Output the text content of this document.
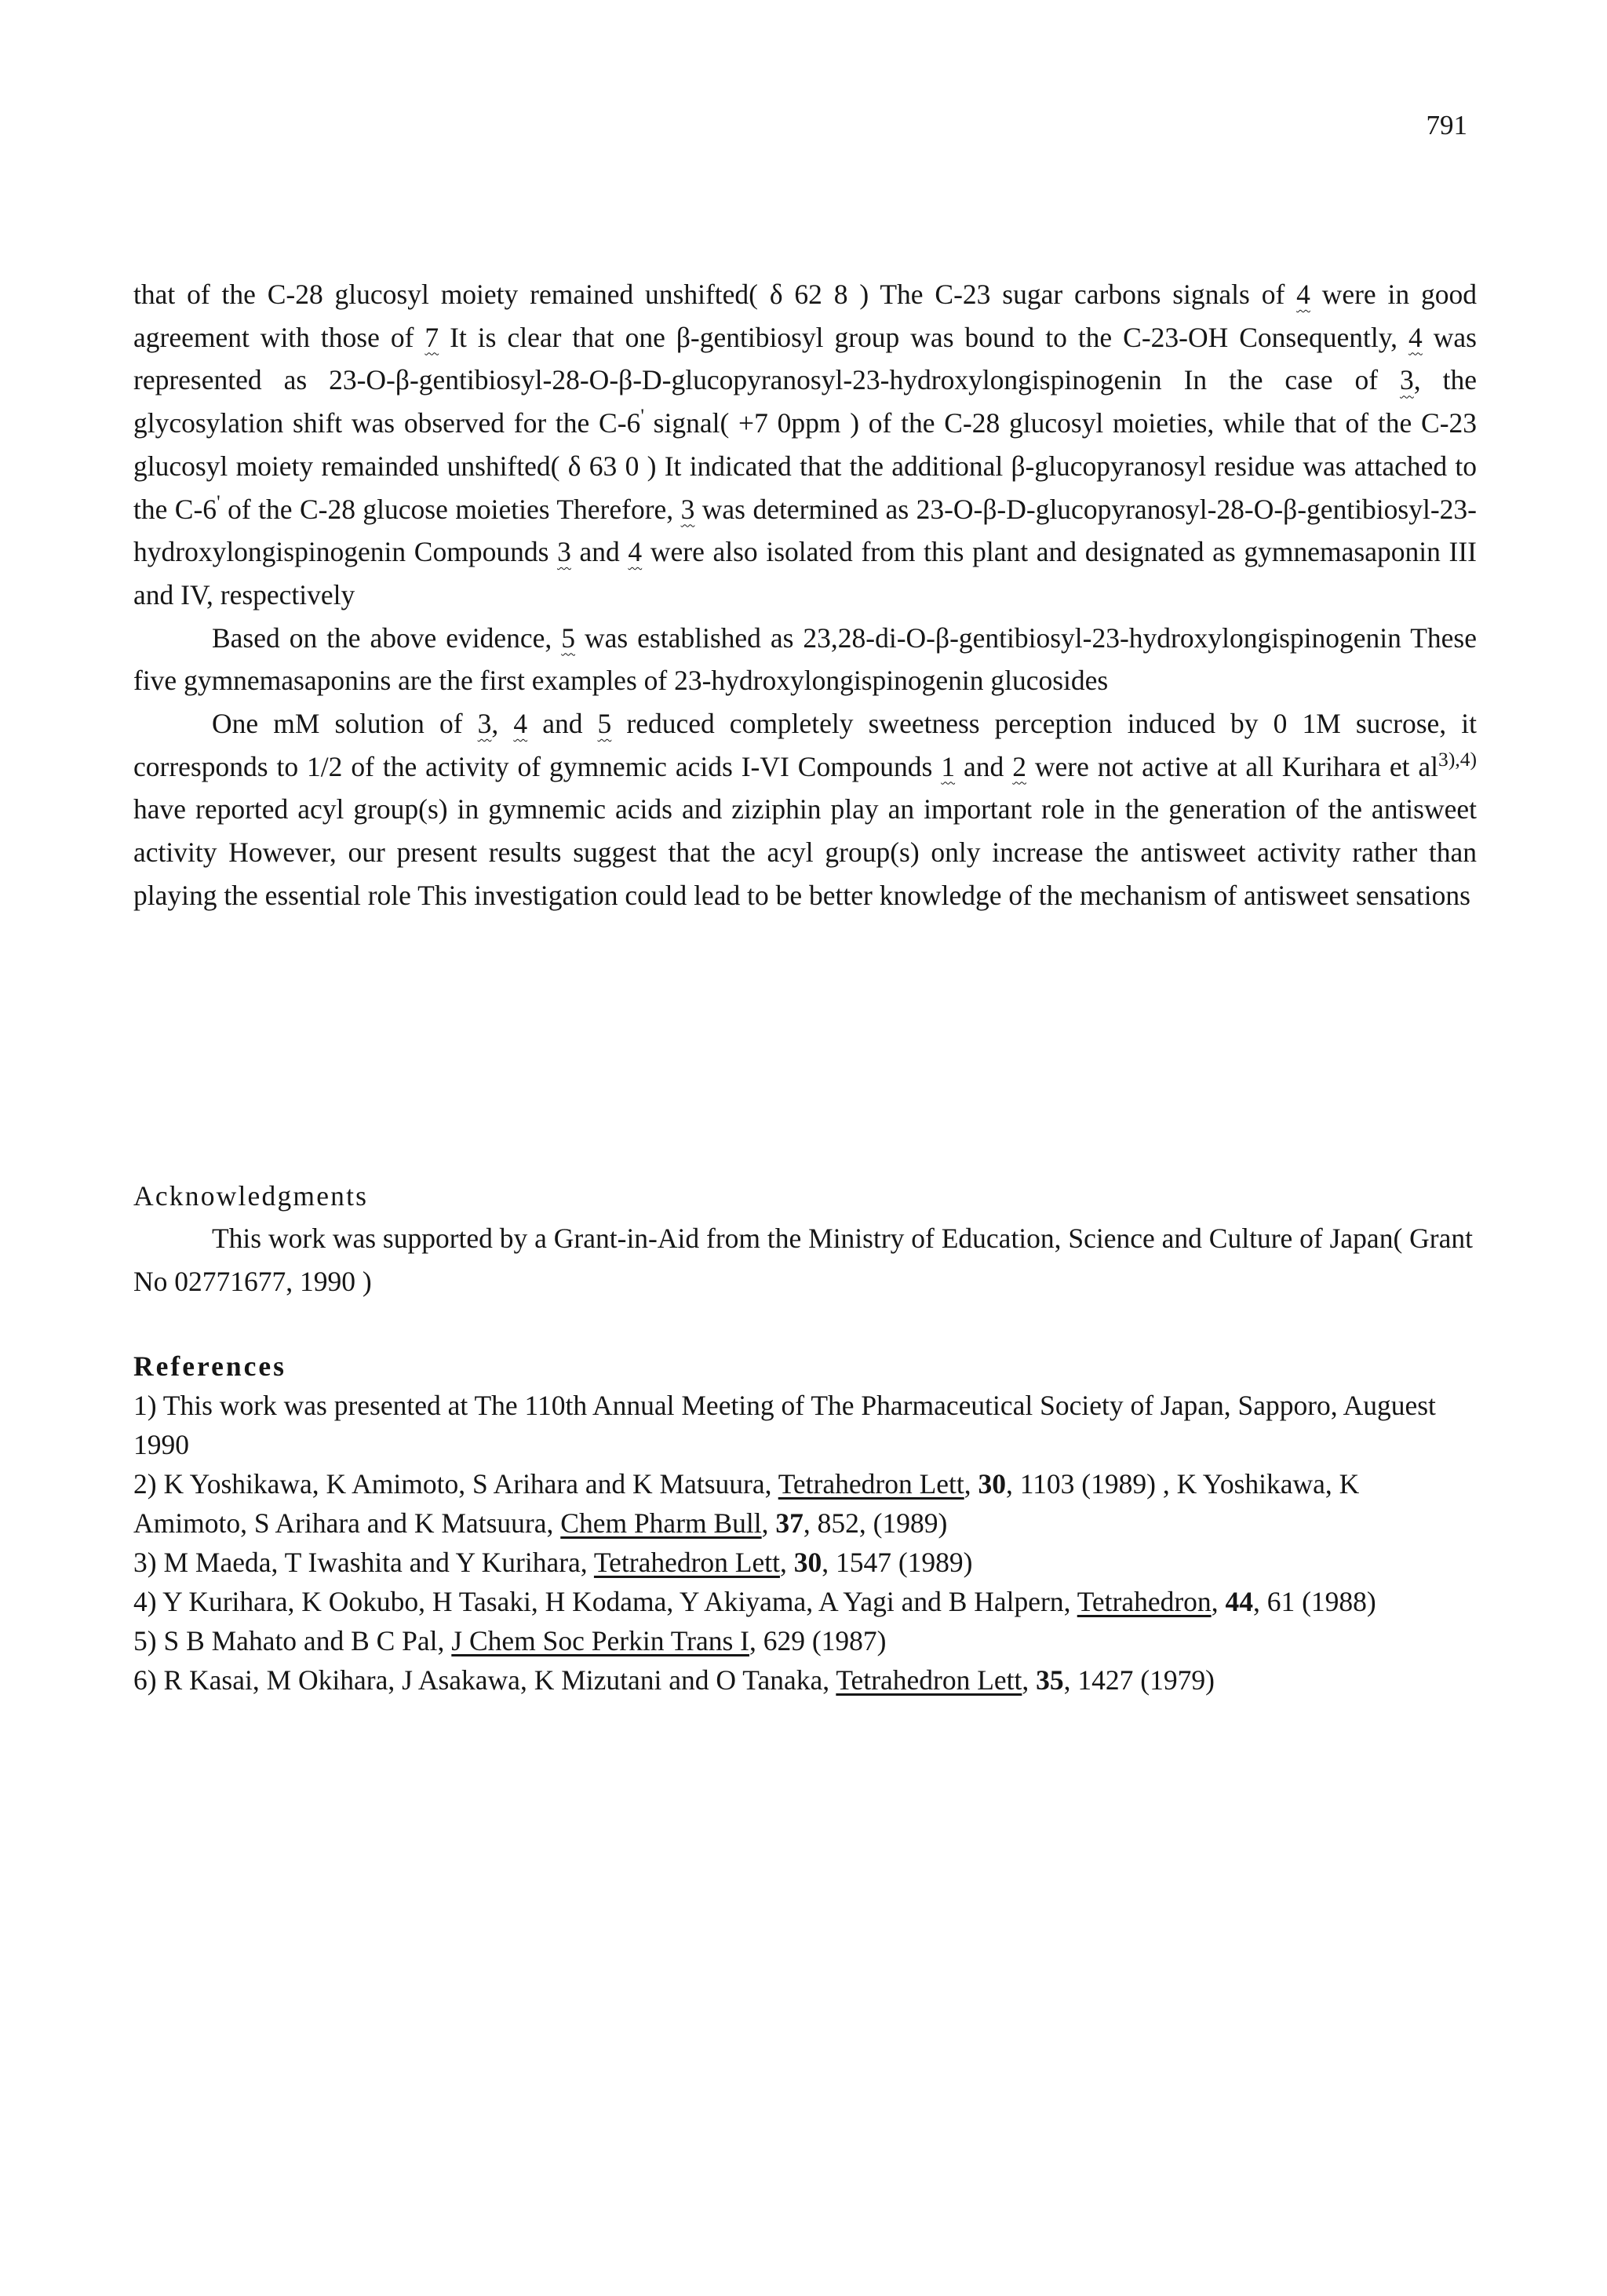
791

that of the C-28 glucosyl moiety remained unshifted( δ 62 8 ) The C-23 sugar carbons signals of 4 were in good agreement with those of 7 It is clear that one β-gentibiosyl group was bound to the C-23-OH Consequently, 4 was represented as 23-O-β-gentibiosyl-28-O-β-D-glucopyranosyl-23-hydroxylongispinogenin In the case of 3, the glycosylation shift was observed for the C-6' signal( +7 0ppm ) of the C-28 glucosyl moieties, while that of the C-23 glucosyl moiety remainded unshifted( δ 63 0 ) It indicated that the additional β-glucopyranosyl residue was attached to the C-6' of the C-28 glucose moieties Therefore, 3 was determined as 23-O-β-D-glucopyranosyl-28-O-β-gentibiosyl-23-hydroxylongispinogenin Compounds 3 and 4 were also isolated from this plant and designated as gymnemasaponin III and IV, respectively

Based on the above evidence, 5 was established as 23,28-di-O-β-gentibiosyl-23-hydroxylongispinogenin These five gymnemasaponins are the first examples of 23-hydroxylongispinogenin glucosides

One mM solution of 3, 4 and 5 reduced completely sweetness perception induced by 0 1M sucrose, it corresponds to 1/2 of the activity of gymnemic acids I-VI Compounds 1 and 2 were not active at all Kurihara et $al^{3),4)}$ have reported acyl group(s) in gymnemic acids and ziziphin play an important role in the generation of the antisweet activity However, our present results suggest that the acyl group(s) only increase the antisweet activity rather than playing the essential role This investigation could lead to be better knowledge of the mechanism of antisweet sensations

Acknowledgments

This work was supported by a Grant-in-Aid from the Ministry of Education, Science and Culture of Japan( Grant No 02771677, 1990 )

References
1) This work was presented at The 110th Annual Meeting of The Pharmaceutical Society of Japan, Sapporo, Auguest 1990
2) K Yoshikawa, K Amimoto, S Arihara and K Matsuura, Tetrahedron Lett, 30, 1103 (1989) , K Yoshikawa, K Amimoto, S Arihara and K Matsuura, Chem Pharm Bull, 37, 852, (1989)
3) M Maeda, T Iwashita and Y Kurihara, Tetrahedron Lett, 30, 1547 (1989)
4) Y Kurihara, K Ookubo, H Tasaki, H Kodama, Y Akiyama, A Yagi and B Halpern, Tetrahedron, 44, 61 (1988)
5) S B Mahato and B C Pal, J Chem Soc Perkin Trans I, 629 (1987)
6) R Kasai, M Okihara, J Asakawa, K Mizutani and O Tanaka, Tetrahedron Lett, 35, 1427 (1979)
